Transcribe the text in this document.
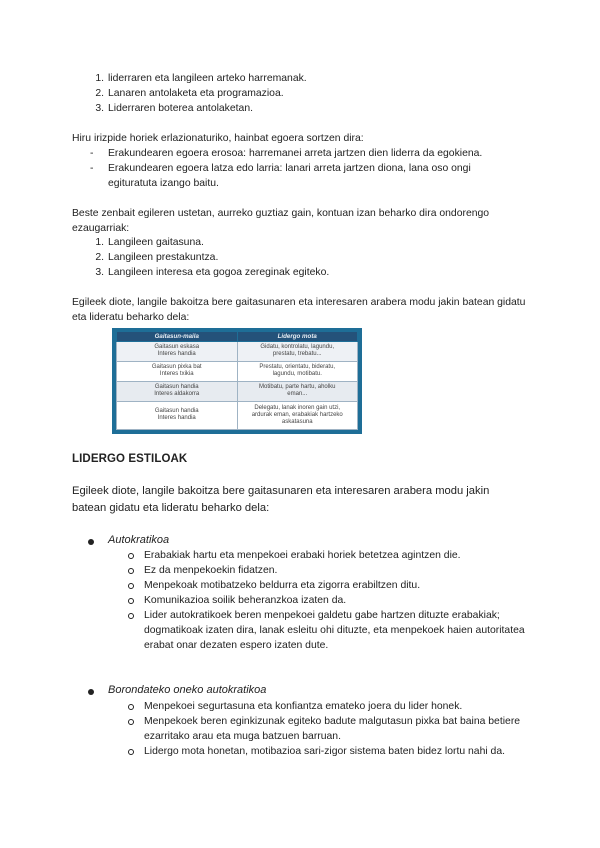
1. liderraren eta langileen arteko harremanak.
2. Lanaren antolaketa eta programazioa.
3. Liderraren boterea antolaketan.

Hiru irizpide horiek erlazionaturiko, hainbat egoera sortzen dira:

- Erakundearen egoera erosoa: harremanei arreta jartzen dien liderra da egokiena.
- Erakundearen egoera latza edo larria: lanari arreta jartzen diona, lana oso ongi egituratuta izango baitu.

Beste zenbait egileren ustetan, aurreko guztiaz gain, kontuan izan beharko dira ondorengo ezaugarriak:

1. Langileen gaitasuna.
2. Langileen prestakuntza.
3. Langileen interesa eta gogoa zereginak egiteko.

Egileek diote, langile bakoitza bere gaitasunaren eta interesaren arabera modu jakin batean gidatu eta lideratu beharko dela:

Gaitasun-maila	Lidergo mota

Gaitasun eskasa
Interes handia	Gidatu, kontrolatu, lagundu,
prestatu, trebatu...

Gaitasun pixka bat
Interes txikia	Prestatu, orientatu, bideratu,
lagundu, motibatu.

Gaitasun handia
Interes aldakorra	Motibatu, parte hartu, aholku
eman...

Gaitasun handia
Interes handia	Delegatu, lanak inoren gain utzi,
ardurak eman, erabakiak hartzeko
askatasuna
LIDERGO ESTILOAK

Egileek diote, langile bakoitza bere gaitasunaren eta interesaren arabera modu jakin batean gidatu eta lideratu beharko dela:

Autokratikoa
Erabakiak hartu eta menpekoei erabaki horiek betetzea agintzen die.
Ez da menpekoekin fidatzen.
Menpekoak motibatzeko beldurra eta zigorra erabiltzen ditu.
Komunikazioa soilik beheranzkoa izaten da.
Lider autokratikoek beren menpekoei galdetu gabe hartzen dituzte erabakiak; dogmatikoak izaten dira, lanak esleitu ohi dituzte, eta menpekoek haien autoritatea erabat onar dezaten espero izaten dute.
Borondateko oneko autokratikoa
Menpekoei segurtasuna eta konfiantza emateko joera du lider honek.
Menpekoek beren eginkizunak egiteko badute malgutasun pixka bat baina betiere ezarritako arau eta muga batzuen barruan.
Lidergo mota honetan, motibazioa sari-zigor sistema baten bidez lortu nahi da.
